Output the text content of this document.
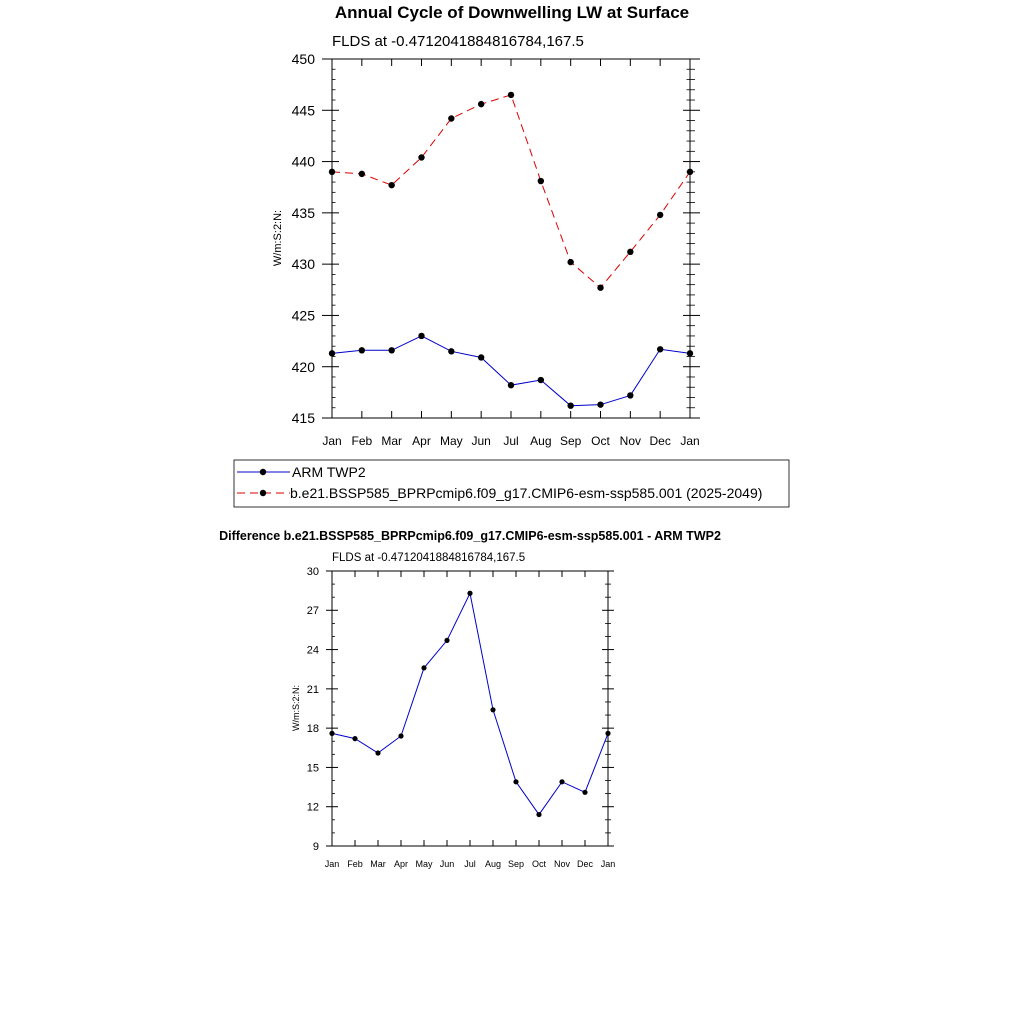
Annual Cycle of Downwelling LW at Surface
FLDS at -0.4712041884816784,167.5
W/m:S:2:N:
Jan Feb Mar Apr May Jun Jul Aug Sep Oct Nov Dec Jan
415
420
425
430
435
440
445
450
ARM TWP2
b.e21.BSSP585_BPRPcmip6.f09_g17.CMIP6-esm-ssp585.001 (2025-2049)
Difference b.e21.BSSP585_BPRPcmip6.f09_g17.CMIP6-esm-ssp585.001 - ARM TWP2
FLDS at -0.4712041884816784,167.5
W/m:S:2:N:
Jan Feb Mar Apr May Jun Jul Aug Sep Oct Nov Dec Jan
9
12
15
18
21
24
27
30
